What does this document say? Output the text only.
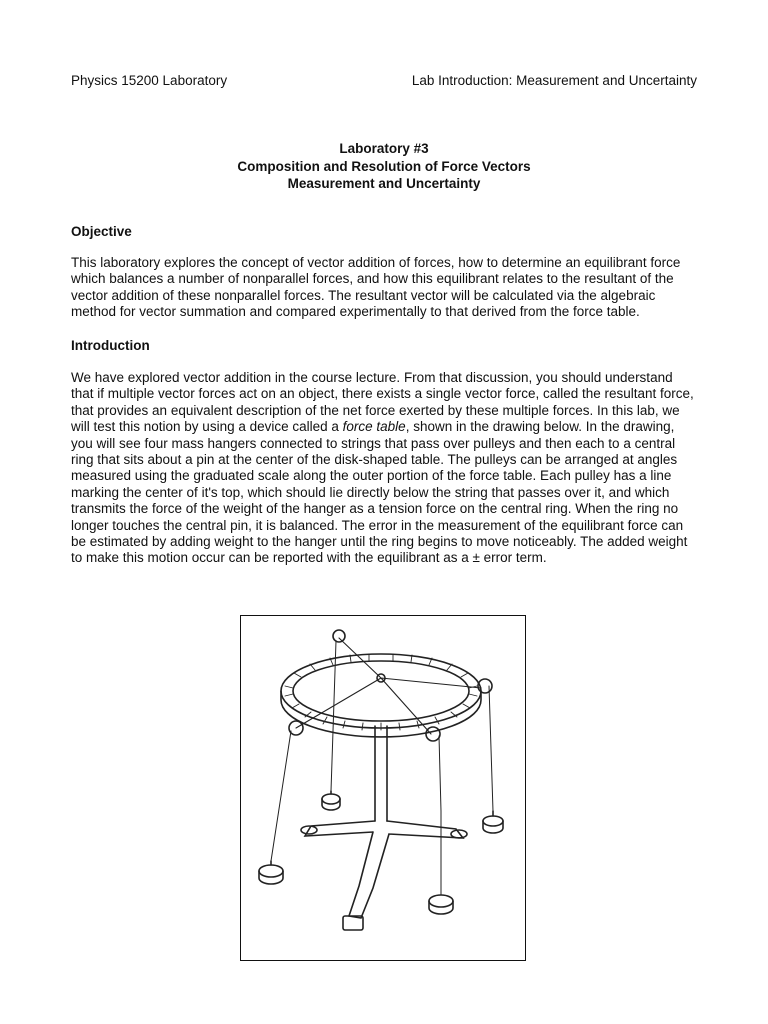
Physics 15200 Laboratory	Lab Introduction: Measurement and Uncertainty
Laboratory #3
Composition and Resolution of Force Vectors
Measurement and Uncertainty
Objective

This laboratory explores the concept of vector addition of forces, how to determine an equilibrant force which balances a number of nonparallel forces, and how this equilibrant relates to the resultant of the vector addition of these nonparallel forces. The resultant vector will be calculated via the algebraic method for vector summation and compared experimentally to that derived from the force table.

Introduction

We have explored vector addition in the course lecture. From that discussion, you should understand that if multiple vector forces act on an object, there exists a single vector force, called the resultant force, that provides an equivalent description of the net force exerted by these multiple forces. In this lab, we will test this notion by using a device called a force table, shown in the drawing below. In the drawing, you will see four mass hangers connected to strings that pass over pulleys and then each to a central ring that sits about a pin at the center of the disk-shaped table. The pulleys can be arranged at angles measured using the graduated scale along the outer portion of the force table. Each pulley has a line marking the center of it's top, which should lie directly below the string that passes over it, and which transmits the force of the weight of the hanger as a tension force on the central ring. When the ring no longer touches the central pin, it is balanced. The error in the measurement of the equilibrant force can be estimated by adding weight to the hanger until the ring begins to move noticeably. The added weight to make this motion occur can be reported with the equilibrant as a ± error term.
